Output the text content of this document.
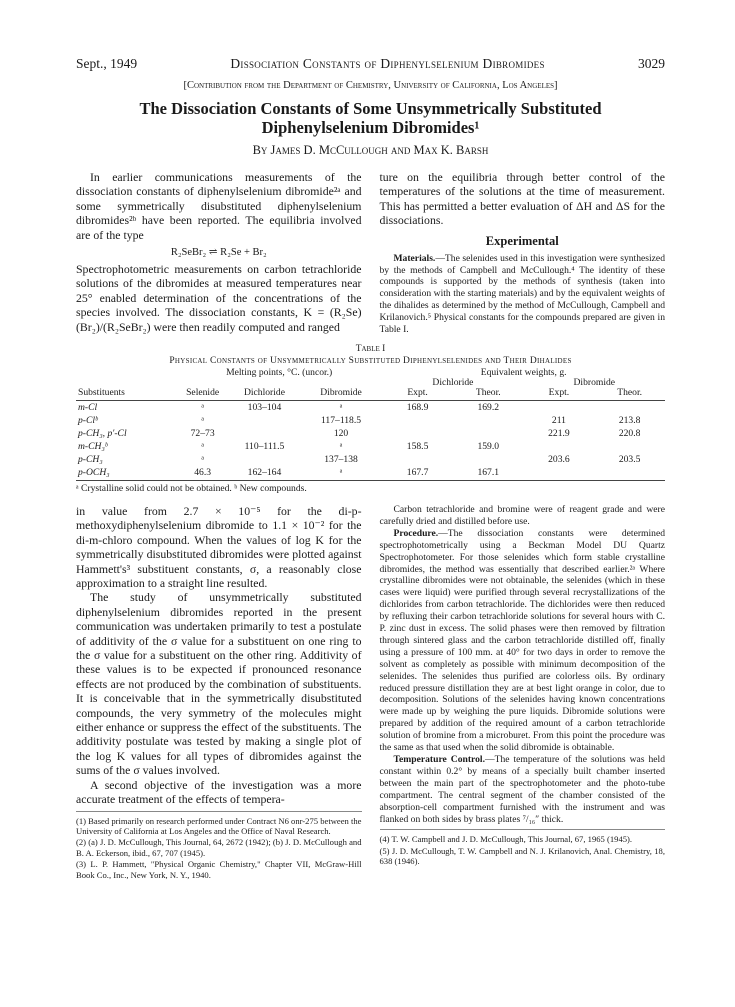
Sept., 1949	Dissociation Constants of Diphenylselenium Dibromides	3029
[Contribution from the Department of Chemistry, University of California, Los Angeles]
The Dissociation Constants of Some Unsymmetrically Substituted Diphenylselenium Dibromides¹
By James D. McCullough and Max K. Barsh

In earlier communications measurements of the dissociation constants of diphenylselenium dibromide²ᵃ and some symmetrically disubstituted diphenylselenium dibromides²ᵇ have been reported. The equilibria involved are of the type

R₂SeBr₂ ⇌ R₂Se + Br₂

Spectrophotometric measurements on carbon tetrachloride solutions of the dibromides at measured temperatures near 25° enabled determination of the concentrations of the species involved. The dissociation constants, K = (R₂Se)(Br₂)/(R₂SeBr₂) were then readily computed and ranged

ture on the equilibria through better control of the temperatures of the solutions at the time of measurement. This has permitted a better evaluation of ΔH and ΔS for the dissociations.

Experimental

Materials.—The selenides used in this investigation were synthesized by the methods of Campbell and McCullough.⁴ The identity of these compounds is supported by the methods of synthesis (taken into consideration with the starting materials) and by the equivalent weights of the dihalides as determined by the method of McCullough, Campbell and Krilanovich.⁵ Physical constants for the compounds prepared are given in Table I.

Table I
Physical Constants of Unsymmetrically Substituted Diphenylselenides and Their Dihalides
	Melting points, °C. (uncor.)			Equivalent weights, g.			
				Dichloride		Dibromide	
Substituents	Selenide	Dichloride	Dibromide	Expt.	Theor.	Expt.	Theor.
m-Cl	ᵃ	103–104	ᵃ	168.9	169.2		
p-Clᵇ	ᵃ		117–118.5			211	213.8
p-CH₃, p′-Cl	72–73		120			221.9	220.8
m-CH₃ᵇ	ᵃ	110–111.5	ᵃ	158.5	159.0		
p-CH₃	ᵃ		137–138			203.6	203.5
p-OCH₃	46.3	162–164	ᵃ	167.7	167.1		
ᵃ Crystalline solid could not be obtained. ᵇ New compounds.

in value from 2.7 × 10⁻⁵ for the di-p-methoxydiphenylselenium dibromide to 1.1 × 10⁻² for the di-m-chloro compound. When the values of log K for the symmetrically disubstituted dibromides were plotted against Hammett's³ substituent constants, σ, a reasonably close approximation to a straight line resulted.

The study of unsymmetrically substituted diphenylselenium dibromides reported in the present communication was undertaken primarily to test a postulate of additivity of the σ value for a substituent on one ring to the σ value for a substituent on the other ring. Additivity of these values is to be expected if pronounced resonance effects are not produced by the combination of substituents. It is conceivable that in the symmetrically disubstituted compounds, the very symmetry of the molecules might either enhance or suppress the effect of the substituents. The additivity postulate was tested by making a single plot of the log K values for all types of dibromides against the sums of the σ values involved.

A second objective of the investigation was a more accurate treatment of the effects of tempera-

(1) Based primarily on research performed under Contract N6 onr-275 between the University of California at Los Angeles and the Office of Naval Research.

(2) (a) J. D. McCullough, This Journal, 64, 2672 (1942); (b) J. D. McCullough and B. A. Eckerson, ibid., 67, 707 (1945).

(3) L. P. Hammett, "Physical Organic Chemistry," Chapter VII, McGraw-Hill Book Co., Inc., New York, N. Y., 1940.

Carbon tetrachloride and bromine were of reagent grade and were carefully dried and distilled before use.

Procedure.—The dissociation constants were determined spectrophotometrically using a Beckman Model DU Quartz Spectrophotometer. For those selenides which form stable crystalline dibromides, the method was essentially that described earlier.²ᵃ Where crystalline dibromides were not obtainable, the selenides (which in these cases were liquid) were purified through several recrystallizations of the dichlorides from carbon tetrachloride. The dichlorides were then reduced by refluxing their carbon tetrachloride solutions for several hours with C. P. zinc dust in excess. The solid phases were then removed by filtration through sintered glass and the carbon tetrachloride distilled off, finally using a pressure of 100 mm. at 40° for two days in order to remove the solvent as completely as possible with minimum decomposition of the selenides. The selenides thus purified are colorless oils. By ordinary reduced pressure distillation they are at best light orange in color, due to decomposition. Solutions of the selenides having known concentrations were made up by weighing the pure liquids. Dibromide solutions were prepared by addition of the required amount of a carbon tetrachloride solution of bromine from a microburet. From this point the procedure was the same as that used when the solid dibromide is obtainable.

Temperature Control.—The temperature of the solutions was held constant within 0.2° by means of a specially built chamber inserted between the main part of the spectrophotometer and the photo-tube compartment. The central segment of the chamber consisted of the absorption-cell compartment furnished with the instrument and was flanked on both sides by brass plates ⁷/₁₆″ thick.

(4) T. W. Campbell and J. D. McCullough, This Journal, 67, 1965 (1945).

(5) J. D. McCullough, T. W. Campbell and N. J. Krilanovich, Anal. Chemistry, 18, 638 (1946).
